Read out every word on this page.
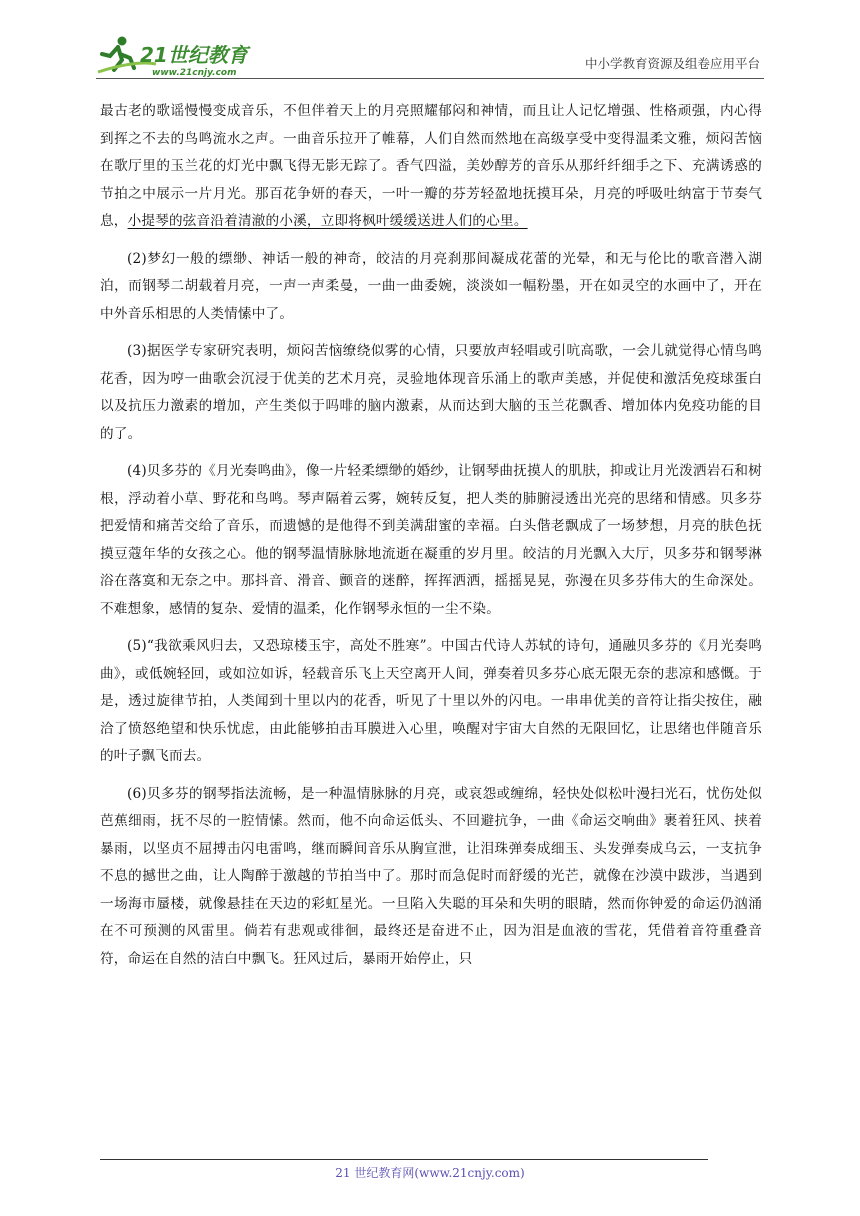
21世纪教育
www.21cnjy.com
中小学教育资源及组卷应用平台

最古老的歌谣慢慢变成音乐，不但伴着天上的月亮照耀郁闷和神情，而且让人记忆增强、性格顽强，内心得到挥之不去的鸟鸣流水之声。一曲音乐拉开了帷幕，人们自然而然地在高级享受中变得温柔文雅，烦闷苦恼在歌厅里的玉兰花的灯光中飘飞得无影无踪了。香气四溢，美妙醇芳的音乐从那纤纤细手之下、充满诱惑的节拍之中展示一片月光。那百花争妍的春天，一叶一瓣的芬芳轻盈地抚摸耳朵，月亮的呼吸吐纳富于节奏气息，小提琴的弦音沿着清澈的小溪，立即将枫叶缓缓送进人们的心里。

(2)梦幻一般的缥缈、神话一般的神奇，皎洁的月亮刹那间凝成花蕾的光晕，和无与伦比的歌音潜入湖泊，而钢琴二胡载着月亮，一声一声柔曼，一曲一曲委婉，淡淡如一幅粉墨，开在如灵空的水画中了，开在中外音乐相思的人类情愫中了。

(3)据医学专家研究表明，烦闷苦恼缭绕似雾的心情，只要放声轻唱或引吭高歌，一会儿就觉得心情鸟鸣花香，因为哼一曲歌会沉浸于优美的艺术月亮，灵验地体现音乐涌上的歌声美感，并促使和激活免疫球蛋白以及抗压力激素的增加，产生类似于吗啡的脑内激素，从而达到大脑的玉兰花飘香、增加体内免疫功能的目的了。

(4)贝多芬的《月光奏鸣曲》，像一片轻柔缥缈的婚纱，让钢琴曲抚摸人的肌肤，抑或让月光泼洒岩石和树根，浮动着小草、野花和鸟鸣。琴声隔着云雾，婉转反复，把人类的肺腑浸透出光亮的思绪和情感。贝多芬把爱情和痛苦交给了音乐，而遗憾的是他得不到美满甜蜜的幸福。白头偕老飘成了一场梦想，月亮的肤色抚摸豆蔻年华的女孩之心。他的钢琴温情脉脉地流逝在凝重的岁月里。皎洁的月光飘入大厅，贝多芬和钢琴淋浴在落寞和无奈之中。那抖音、滑音、颤音的迷醉，挥挥洒洒，摇摇晃晃，弥漫在贝多芬伟大的生命深处。不难想象，感情的复杂、爱情的温柔，化作钢琴永恒的一尘不染。

(5)“我欲乘风归去，又恐琼楼玉宇，高处不胜寒”。中国古代诗人苏轼的诗句，通融贝多芬的《月光奏鸣曲》，或低婉轻回，或如泣如诉，轻载音乐飞上天空离开人间，弹奏着贝多芬心底无限无奈的悲凉和感慨。于是，透过旋律节拍，人类闻到十里以内的花香，听见了十里以外的闪电。一串串优美的音符让指尖按住，融洽了愤怒绝望和快乐忧虑，由此能够拍击耳膜进入心里，唤醒对宇宙大自然的无限回忆，让思绪也伴随音乐的叶子飘飞而去。

(6)贝多芬的钢琴指法流畅，是一种温情脉脉的月亮，或哀怨或缠绵，轻快处似松叶漫扫光石，忧伤处似芭蕉细雨，抚不尽的一腔情愫。然而，他不向命运低头、不回避抗争，一曲《命运交响曲》裹着狂风、挟着暴雨，以坚贞不屈搏击闪电雷鸣，继而瞬间音乐从胸宣泄，让泪珠弹奏成细玉、头发弹奏成乌云，一支抗争不息的撼世之曲，让人陶醉于激越的节拍当中了。那时而急促时而舒缓的光芒，就像在沙漠中跋涉，当遇到一场海市蜃楼，就像悬挂在天边的彩虹星光。一旦陷入失聪的耳朵和失明的眼睛，然而你钟爱的命运仍汹涌在不可预测的风雷里。倘若有悲观或徘徊，最终还是奋进不止，因为泪是血液的雪花，凭借着音符重叠音符，命运在自然的洁白中飘飞。狂风过后，暴雨开始停止，只

21 世纪教育网(www.21cnjy.com)
